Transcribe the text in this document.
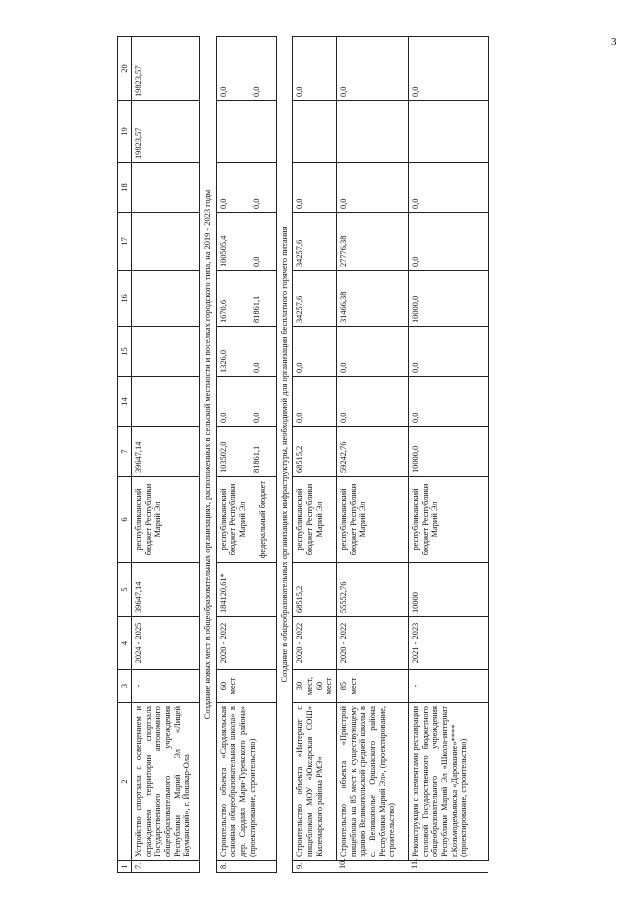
3
1	2	3	4	5	6	7	14	15	16	17	18	19	20
7.	Устройство спортзала с освещением и ограждением территории спортзала Государственного автономного общеобразовательного учреждения Республики Марий Эл «Лицей Бауманский», г. Йошкар-Ола	-	2024 - 2025	39647,14	республиканский бюджет Республики Марий Эл	39647,14						19823,57	19823,57
Создание новых мест в общеобразовательных организациях, расположенных в сельской местности и поселках городского типа, на 2019 - 2023 годы													
8.	Строительство объекта «Сардаяльская основная общеобразовательная школа» в дер. Сардаял Мари-Турекского района» (проектирование, строительство)	60 мест	2020 - 2022	184120,61*	республиканский бюджет Республики Марий Эл федеральный бюджет	103502,0 81861,1	0,0 0,0	1326,0 0,0	1670,6 81861,1	100505,4 0,0	0,0 0,0		0,0 0,0

Создание в общеобразовательных организациях инфраструктуры, необходимой для организации бесплатного горячего питания													
9.	Строительство объекта «Интернат с пищеблоком МОУ «Юксарская СОШ» Килемарского района РМЭ»	30 мест, 60 мест	2020 - 2022	68515,2	республиканский бюджет Республики Марий Эл	68515,2	0,0	0,0	34257,6	34257,6	0,0		0,0
10.	Строительство объекта «Пристрой пищеблока на 85 мест к существующему зданию Великопольской средней школы в с. Великополье Оршанского района Республики Марий Эл», (проектирование, строительство)	85 мест	2020 - 2022	55552,76	республиканский бюджет Республики Марий Эл	59242,76	0,0	0,0	31466,38	27776,38	0,0		0,0
11.	Реконструкция с элементами реставрации столовой Государственного бюджетного общеобразовательного учреждения Республики Марий Эл «Школа-интернат г.Козьмодемьянска «Дарование»**** (проектирование, строительство)	-	2021 - 2023	10000	республиканский бюджет Республики Марий Эл	10000,0	0,0	0,0	10000,0	0,0	0,0		0,0
